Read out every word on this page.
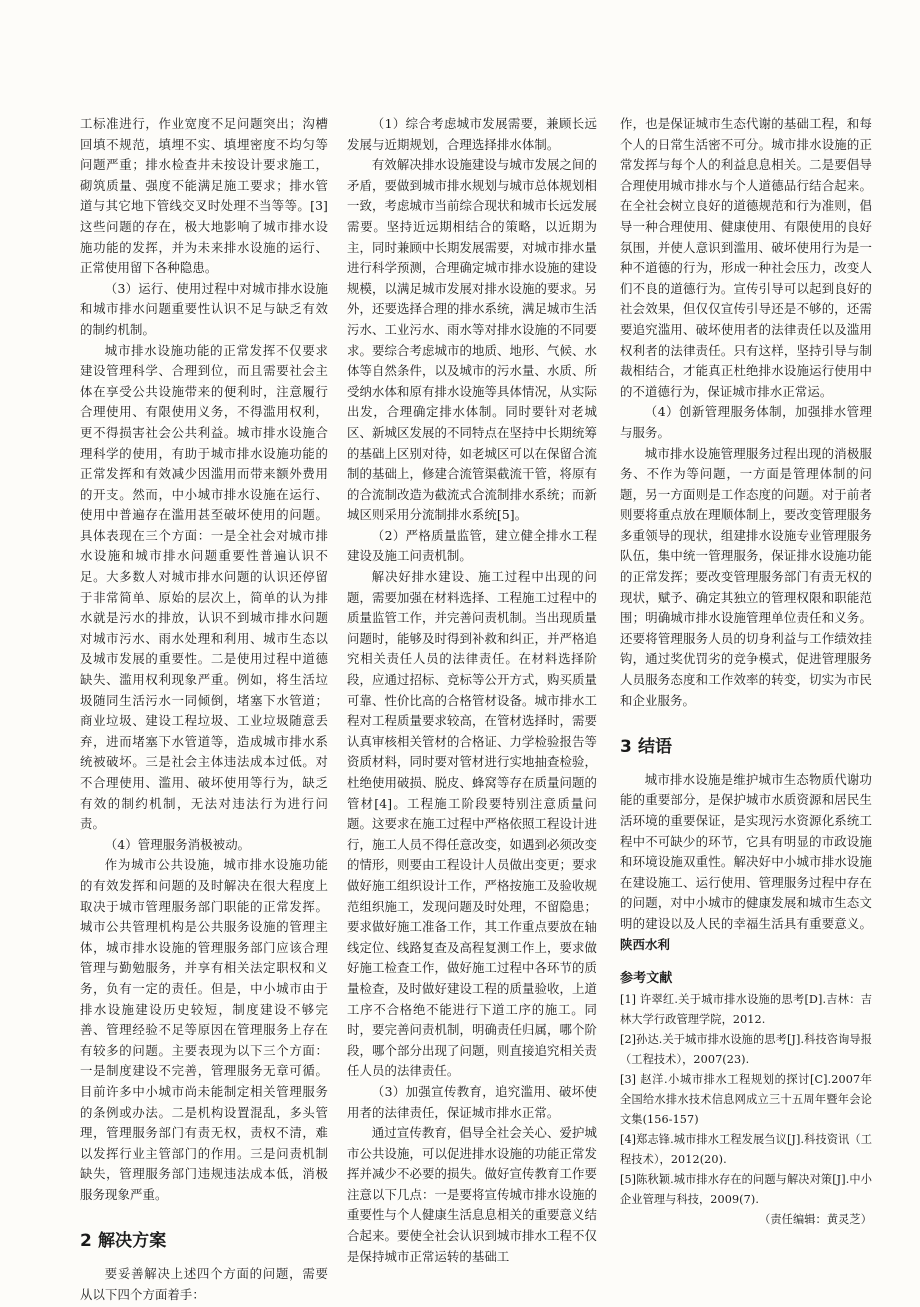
工标准进行，作业宽度不足问题突出；沟槽回填不规范，填埋不实、填埋密度不均匀等问题严重；排水检查井未按设计要求施工，砌筑质量、强度不能满足施工要求；排水管道与其它地下管线交叉时处理不当等等。[3]这些问题的存在，极大地影响了城市排水设施功能的发挥，并为未来排水设施的运行、正常使用留下各种隐患。

（3）运行、使用过程中对城市排水设施和城市排水问题重要性认识不足与缺乏有效的制约机制。

城市排水设施功能的正常发挥不仅要求建设管理科学、合理到位，而且需要社会主体在享受公共设施带来的便利时，注意履行合理使用、有限使用义务，不得滥用权利，更不得损害社会公共利益。城市排水设施合理科学的使用，有助于城市排水设施功能的正常发挥和有效减少因滥用而带来额外费用的开支。然而，中小城市排水设施在运行、使用中普遍存在滥用甚至破坏使用的问题。具体表现在三个方面：一是全社会对城市排水设施和城市排水问题重要性普遍认识不足。大多数人对城市排水问题的认识还停留于非常简单、原始的层次上，简单的认为排水就是污水的排放，认识不到城市排水问题对城市污水、雨水处理和利用、城市生态以及城市发展的重要性。二是使用过程中道德缺失、滥用权利现象严重。例如，将生活垃圾随同生活污水一同倾倒，堵塞下水管道；商业垃圾、建设工程垃圾、工业垃圾随意丢弃，进而堵塞下水管道等，造成城市排水系统被破坏。三是社会主体违法成本过低。对不合理使用、滥用、破坏使用等行为，缺乏有效的制约机制，无法对违法行为进行问责。

（4）管理服务消极被动。

作为城市公共设施，城市排水设施功能的有效发挥和问题的及时解决在很大程度上取决于城市管理服务部门职能的正常发挥。城市公共管理机构是公共服务设施的管理主体，城市排水设施的管理服务部门应该合理管理与勤勉服务，并享有相关法定职权和义务，负有一定的责任。但是，中小城市由于排水设施建设历史较短，制度建设不够完善、管理经验不足等原因在管理服务上存在有较多的问题。主要表现为以下三个方面：一是制度建设不完善，管理服务无章可循。目前许多中小城市尚未能制定相关管理服务的条例或办法。二是机构设置混乱，多头管理，管理服务部门有责无权，责权不清，难以发挥行业主管部门的作用。三是问责机制缺失，管理服务部门违规违法成本低，消极服务现象严重。

2 解决方案

要妥善解决上述四个方面的问题，需要从以下四个方面着手：

（1）综合考虑城市发展需要，兼顾长远发展与近期规划，合理选择排水体制。

有效解决排水设施建设与城市发展之间的矛盾，要做到城市排水规划与城市总体规划相一致，考虑城市当前综合现状和城市长远发展需要。坚持近远期相结合的策略，以近期为主，同时兼顾中长期发展需要，对城市排水量进行科学预测，合理确定城市排水设施的建设规模，以满足城市发展对排水设施的要求。另外，还要选择合理的排水系统，满足城市生活污水、工业污水、雨水等对排水设施的不同要求。要综合考虑城市的地质、地形、气候、水体等自然条件，以及城市的污水量、水质、所受纳水体和原有排水设施等具体情况，从实际出发，合理确定排水体制。同时要针对老城区、新城区发展的不同特点在坚持中长期统筹的基础上区别对待，如老城区可以在保留合流制的基础上，修建合流管渠截流干管，将原有的合流制改造为截流式合流制排水系统；而新城区则采用分流制排水系统[5]。

（2）严格质量监管，建立健全排水工程建设及施工问责机制。

解决好排水建设、施工过程中出现的问题，需要加强在材料选择、工程施工过程中的质量监管工作，并完善问责机制。当出现质量问题时，能够及时得到补救和纠正，并严格追究相关责任人员的法律责任。在材料选择阶段，应通过招标、竞标等公开方式，购买质量可靠、性价比高的合格管材设备。城市排水工程对工程质量要求较高，在管材选择时，需要认真审核相关管材的合格证、力学检验报告等资质材料，同时要对管材进行实地抽查检验，杜绝使用破损、脱皮、蜂窝等存在质量问题的管材[4]。工程施工阶段要特别注意质量问题。这要求在施工过程中严格依照工程设计进行，施工人员不得任意改变，如遇到必须改变的情形，则要由工程设计人员做出变更；要求做好施工组织设计工作，严格按施工及验收规范组织施工，发现问题及时处理，不留隐患；要求做好施工准备工作，其工作重点要放在轴线定位、线路复查及高程复测工作上，要求做好施工检查工作，做好施工过程中各环节的质量检查，及时做好建设工程的质量验收，上道工序不合格绝不能进行下道工序的施工。同时，要完善问责机制，明确责任归属，哪个阶段，哪个部分出现了问题，则直接追究相关责任人员的法律责任。

（3）加强宣传教育，追究滥用、破坏使用者的法律责任，保证城市排水正常。

通过宣传教育，倡导全社会关心、爱护城市公共设施，可以促进排水设施的功能正常发挥并减少不必要的损失。做好宣传教育工作要注意以下几点：一是要将宣传城市排水设施的重要性与个人健康生活息息相关的重要意义结合起来。要使全社会认识到城市排水工程不仅是保持城市正常运转的基础工

作，也是保证城市生态代谢的基础工程，和每个人的日常生活密不可分。城市排水设施的正常发挥与每个人的利益息息相关。二是要倡导合理使用城市排水与个人道德品行结合起来。在全社会树立良好的道德规范和行为准则，倡导一种合理使用、健康使用、有限使用的良好氛围，并使人意识到滥用、破坏使用行为是一种不道德的行为，形成一种社会压力，改变人们不良的道德行为。宣传引导可以起到良好的社会效果，但仅仅宣传引导还是不够的，还需要追究滥用、破坏使用者的法律责任以及滥用权利者的法律责任。只有这样，坚持引导与制裁相结合，才能真正杜绝排水设施运行使用中的不道德行为，保证城市排水正常运。

（4）创新管理服务体制，加强排水管理与服务。

城市排水设施管理服务过程出现的消极服务、不作为等问题，一方面是管理体制的问题，另一方面则是工作态度的问题。对于前者则要将重点放在理顺体制上，要改变管理服务多重领导的现状，组建排水设施专业管理服务队伍，集中统一管理服务，保证排水设施功能的正常发挥；要改变管理服务部门有责无权的现状，赋予、确定其独立的管理权限和职能范围；明确城市排水设施管理单位责任和义务。还要将管理服务人员的切身利益与工作绩效挂钩，通过奖优罚劣的竞争模式，促进管理服务人员服务态度和工作效率的转变，切实为市民和企业服务。

3 结语

城市排水设施是维护城市生态物质代谢功能的重要部分，是保护城市水质资源和居民生活环境的重要保证，是实现污水资源化系统工程中不可缺少的环节，它具有明显的市政设施和环境设施双重性。解决好中小城市排水设施在建设施工、运行使用、管理服务过程中存在的问题，对中小城市的健康发展和城市生态文明的建设以及人民的幸福生活具有重要意义。陕西水利

参考文献

[1] 许翠红.关于城市排水设施的思考[D].吉林：吉林大学行政管理学院，2012.

[2]孙达.关于城市排水设施的思考[J].科技咨询导报（工程技术），2007(23).

[3] 赵洋.小城市排水工程规划的探讨[C].2007年全国给水排水技术信息网成立三十五周年暨年会论文集(156-157)

[4]郑志锋.城市排水工程发展刍议[J].科技资讯（工程技术），2012(20).

[5]陈秋颖.城市排水存在的问题与解决对策[J].中小企业管理与科技，2009(7).

（责任编辑：黄灵芝）
